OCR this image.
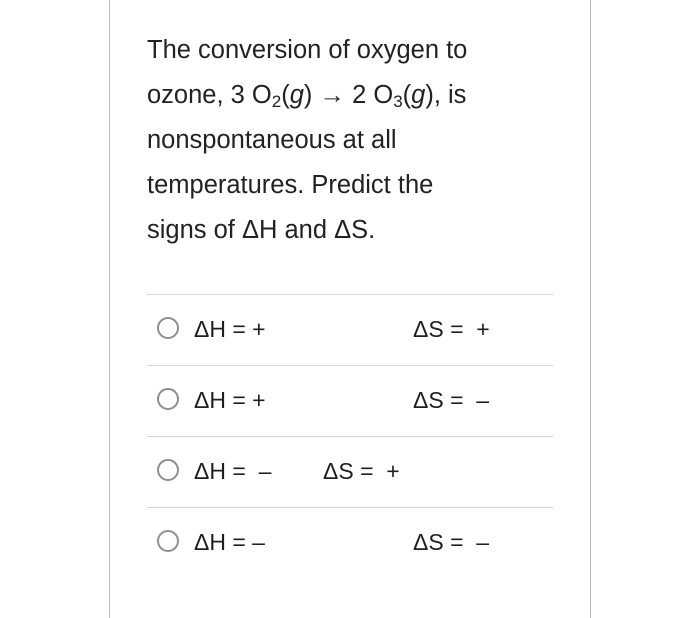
The conversion of oxygen to
ozone, 3 $O_2(g) \to 2$ $O_3(g)$, is
nonspontaneous at all
temperatures. Predict the
signs of ΔH and ΔS.

ΔH = +	ΔS =  +
ΔH = +	ΔS =  –
ΔH =  – ΔS =  +
ΔH = –	ΔS =  –
